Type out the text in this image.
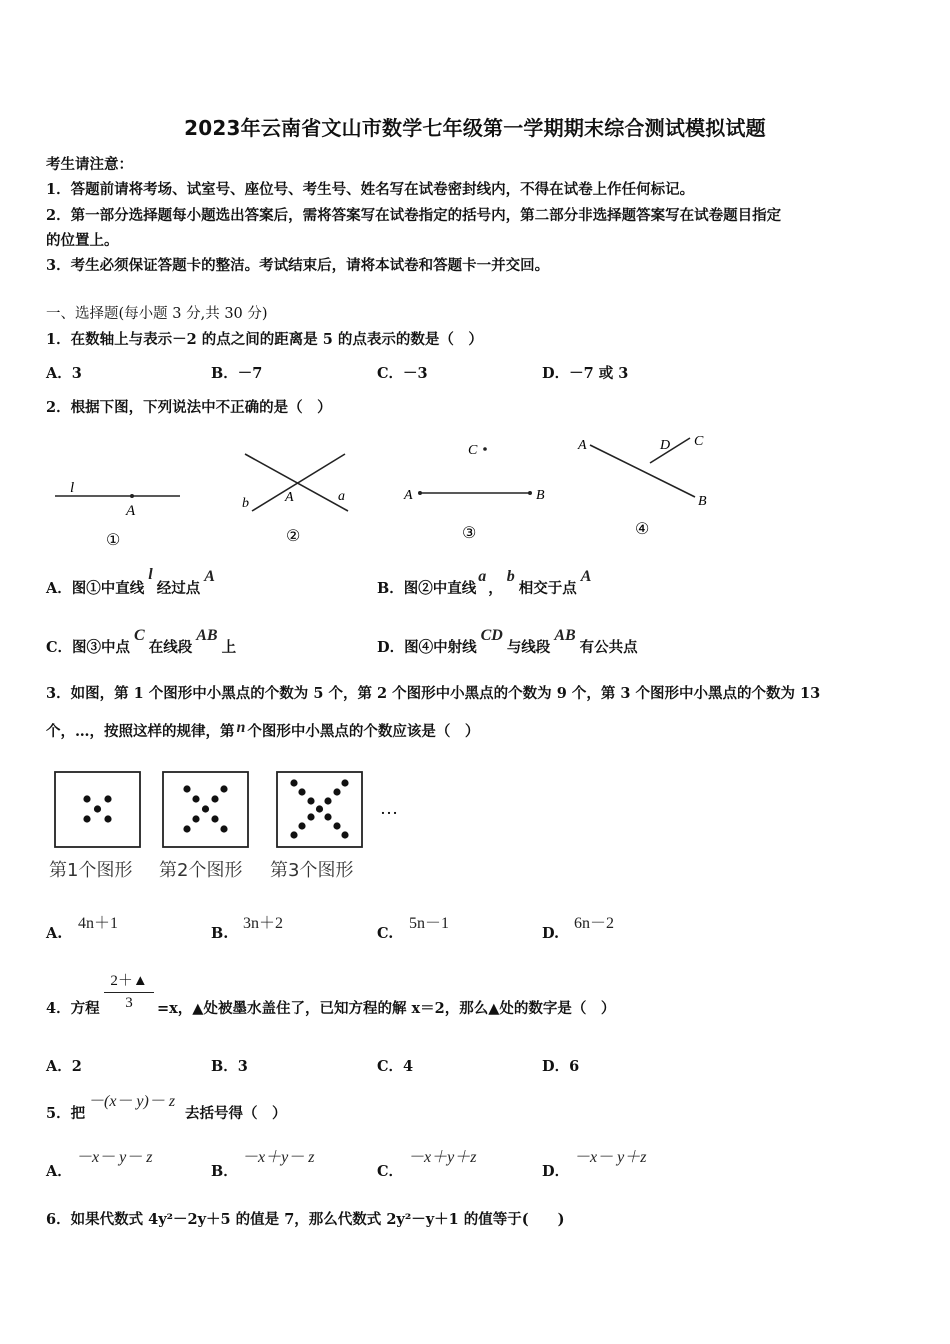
2023年云南省文山市数学七年级第一学期期末综合测试模拟试题
考生请注意：
1．答题前请将考场、试室号、座位号、考生号、姓名写在试卷密封线内，不得在试卷上作任何标记。
2．第一部分选择题每小题选出答案后，需将答案写在试卷指定的括号内，第二部分非选择题答案写在试卷题目指定
的位置上。
3．考生必须保证答题卡的整洁。考试结束后，请将本试卷和答题卡一并交回。
一、选择题(每小题 3 分,共 30 分)
1．在数轴上与表示－2 的点之间的距离是 5 的点表示的数是（　）
A．3	B．－7	C．－3	D．－7 或 3
2．根据下图，下列说法中不正确的是（　）
l
A
①
b	A	a
②
C
A	B
③
A	D C
B
④
A．图①中直线l经过点A
B．图②中直线a，b相交于点A
C．图③中点C在线段AB上	D．图④中射线CD与线段AB有公共点
3．如图，第 1 个图形中小黑点的个数为 5 个，第 2 个图形中小黑点的个数为 9 个，第 3 个图形中小黑点的个数为 13
个，…，按照这样的规律，第 n 个图形中小黑点的个数应该是（　）
…
第1个图形 第2个图形 第3个图形
A.
4n＋1
B.
3n＋2
C.
5n－1
D.
6n－2
4．方程 $\frac{2+▲}{3} =x$，▲处被墨水盖住了，已知方程的解 x＝2，那么▲处的数字是（　）
A．2	B．3	C．4	D．6
5．把
－(x－ y)－ z
去括号得（　）
A．
－x－ y－ z
B．
－x＋y－ z
C．
－x＋y＋z
D．
－x－ y＋z
6．如果代数式 4y²－2y＋5 的值是 7，那么代数式 2y²－y＋1 的值等于(　　)
